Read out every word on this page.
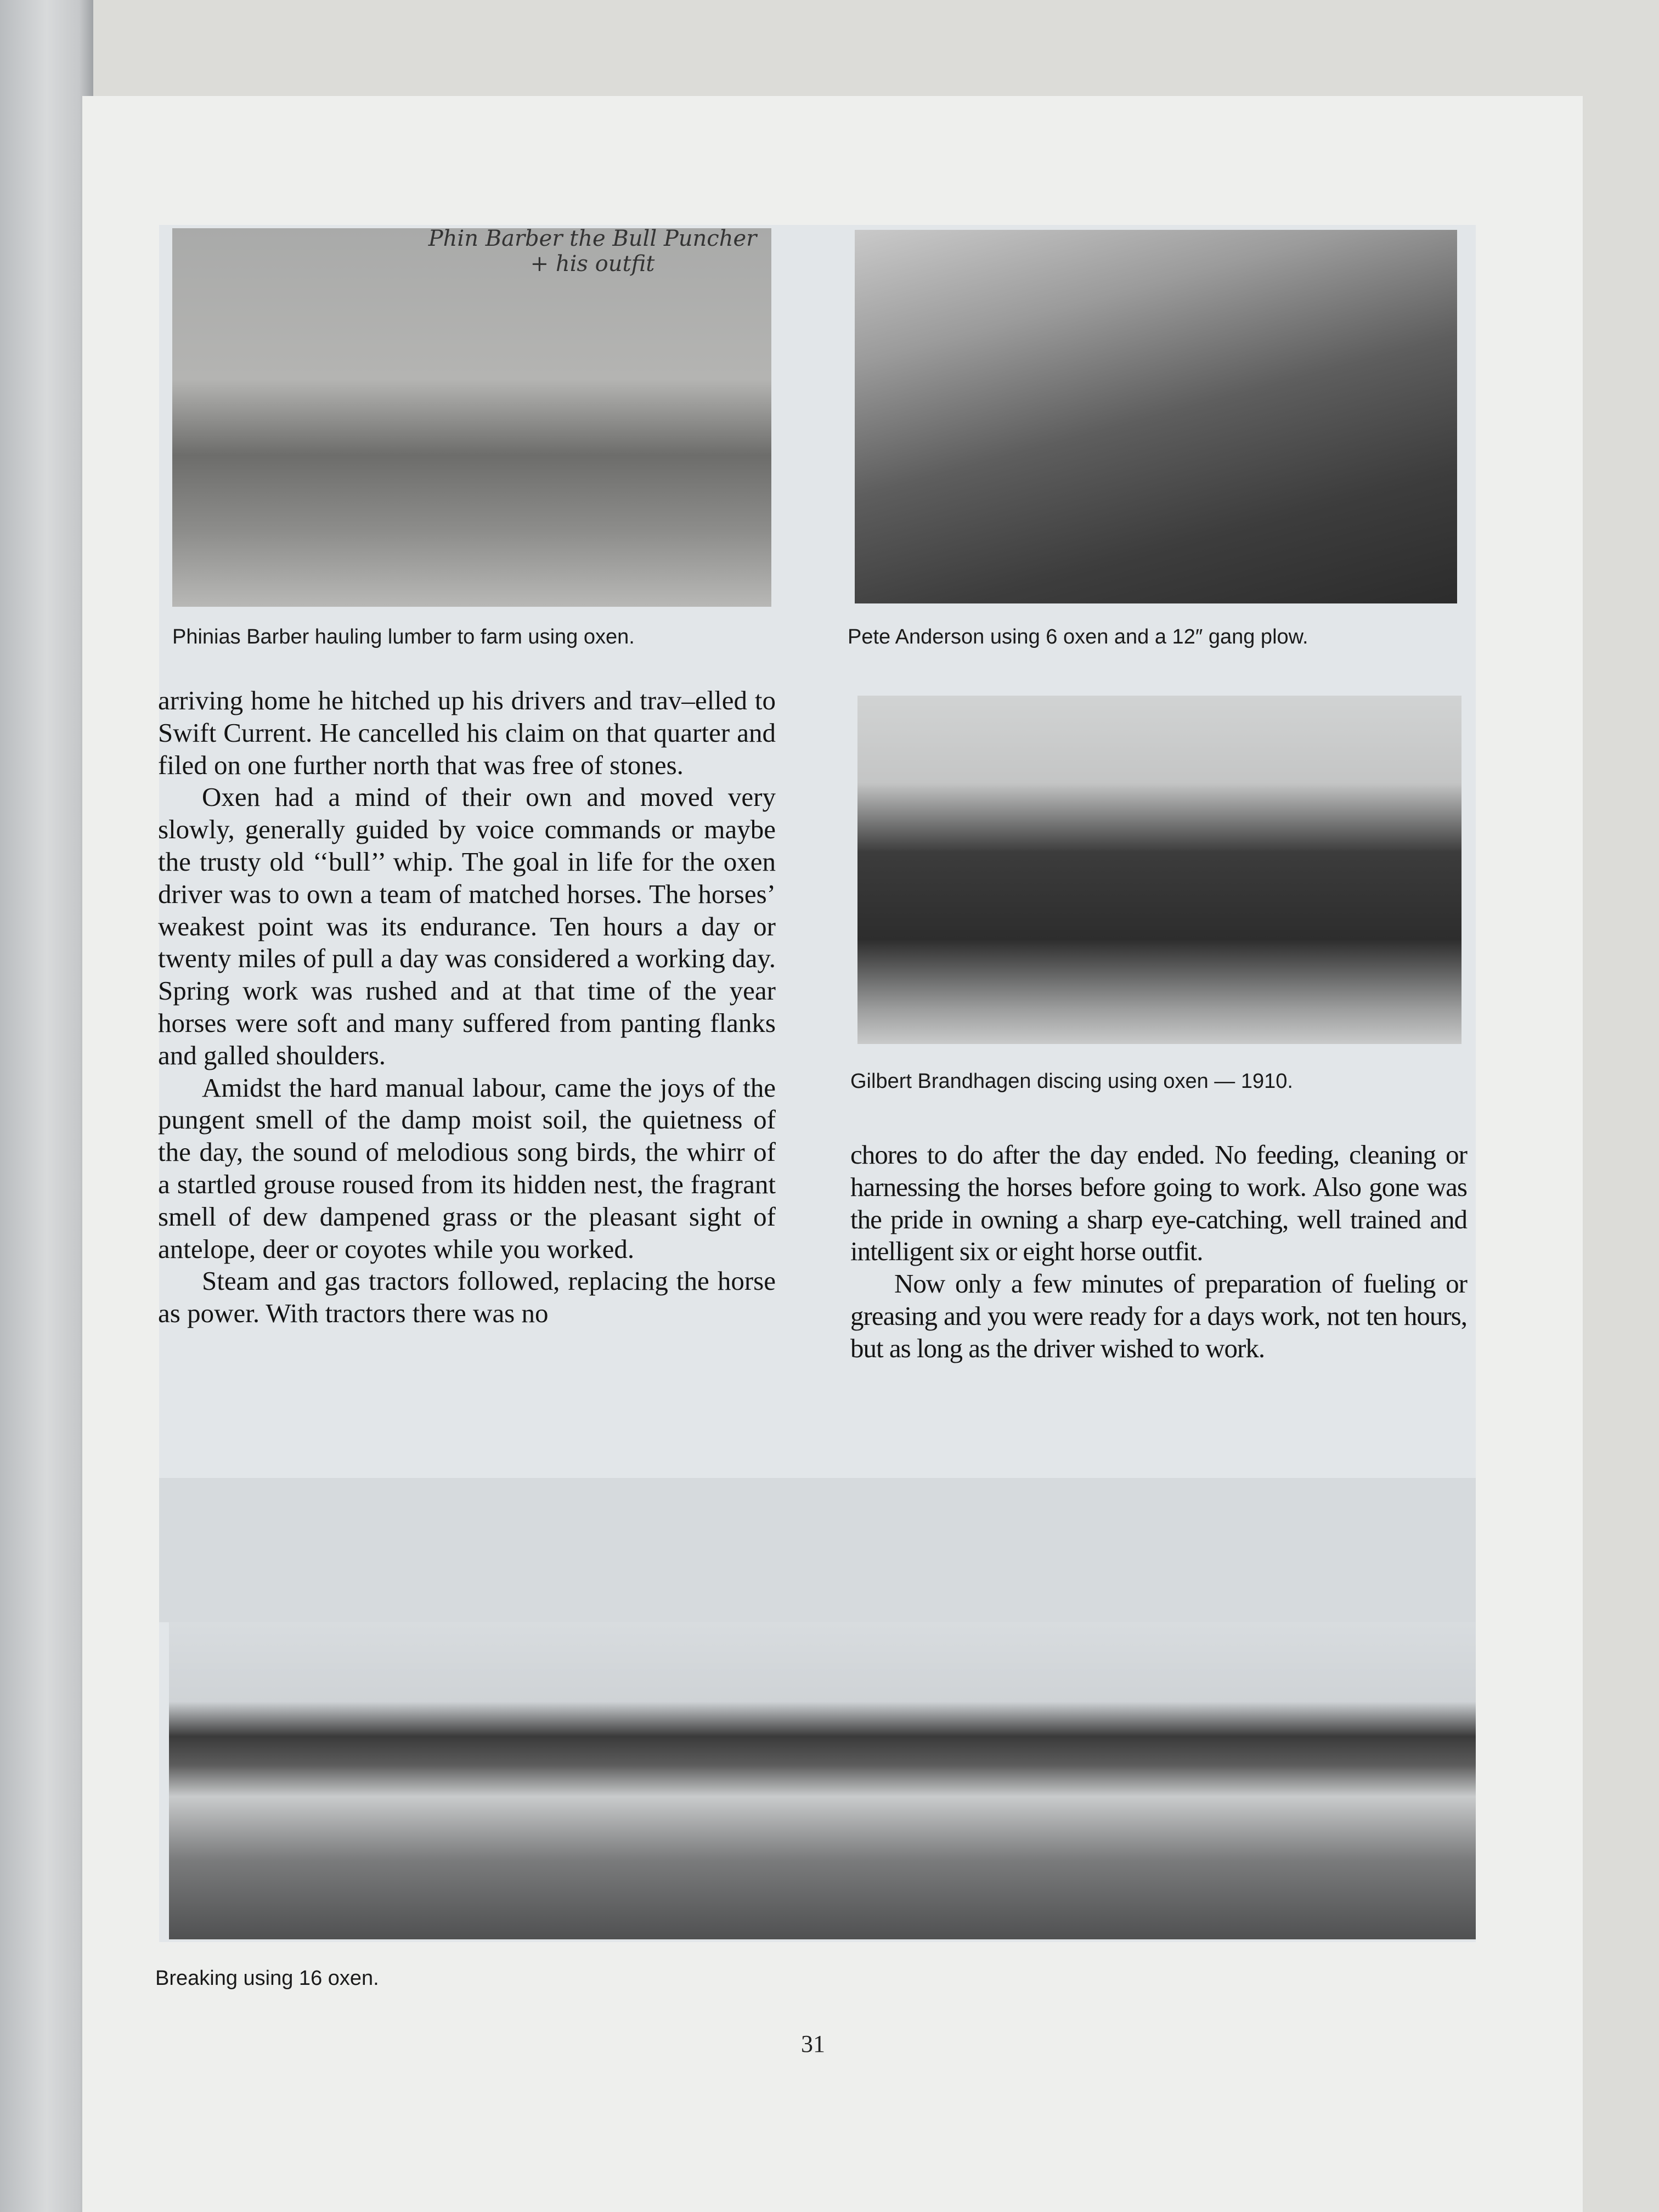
Phin Barber the Bull Puncher + his outfit
Phinias Barber hauling lumber to farm using oxen.	Pete Anderson using 6 oxen and a 12″ gang plow.

arriving home he hitched up his drivers and trav–elled to Swift Current. He cancelled his claim on that quarter and filed on one further north that was free of stones.

Oxen had a mind of their own and moved very slowly, generally guided by voice commands or maybe the trusty old ‘‘bull’’ whip. The goal in life for the oxen driver was to own a team of matched horses. The horses’ weakest point was its endurance. Ten hours a day or twenty miles of pull a day was considered a working day. Spring work was rushed and at that time of the year horses were soft and many suffered from panting flanks and galled shoulders.

Amidst the hard manual labour, came the joys of the pungent smell of the damp moist soil, the quietness of the day, the sound of melodious song birds, the whirr of a startled grouse roused from its hidden nest, the fragrant smell of dew dampened grass or the pleasant sight of antelope, deer or coyotes while you worked.

Steam and gas tractors followed, replacing the horse as power. With tractors there was no

Gilbert Brandhagen discing using oxen — 1910.

chores to do after the day ended. No feeding, cleaning or harnessing the horses before going to work. Also gone was the pride in owning a sharp eye-catching, well trained and intelligent six or eight horse outfit.

Now only a few minutes of preparation of fueling or greasing and you were ready for a days work, not ten hours, but as long as the driver wished to work.

Breaking using 16 oxen.
31
